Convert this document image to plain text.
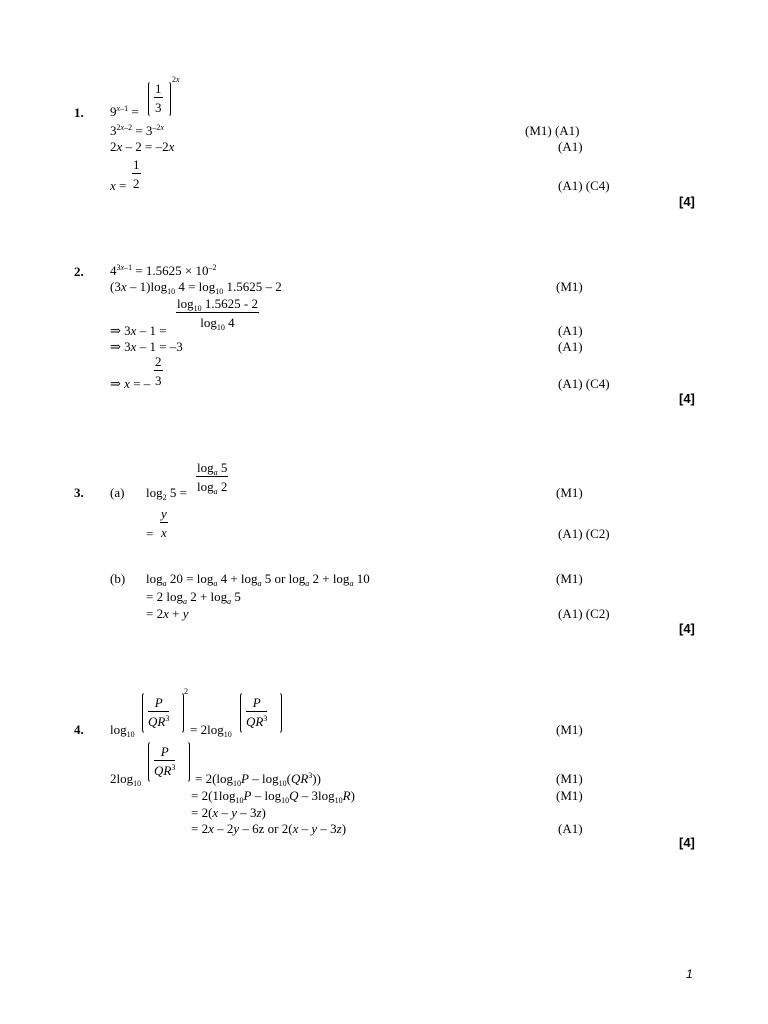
1. $9^{x-1} = \frac{1}{3}$
2x
$3^{2x-2} = 3^{-2x}$
2x – 2 = –2x
$x = \frac{1}{2}$
(M1) (A1)
(A1)
(A1) (C4)
[4]
2. $4^{3x-1} = 1.5625 \times 10^{-2}$
$(3x - 1)\log_{10}$ $4 = \log_{10} 1.5625 - 2$
⇒ 3x – 1 =
$\frac{\log_{10} 1.5625 - 2}{\log_{10} 4}$
⇒ 3x – 1 = –3
⇒ x = – $\frac{2}{3}$
(M1)
(A1)
(A1)
(A1) (C4)
[4]
3. (a) $\log_2 5 = \frac{\log_a 5}{\log_a 2}$
= $\frac{y}{x}$
(M1)
(A1) (C2)
(b) $\log_a 20 = \log_a 4 + \log_a 5$ or $\log_a 2 + \log_a 10$
= 2 $\log_a 2 + \log_a 5$
= 2x + y
(M1)
(A1) (C2)
[4]
4. $\log_{10}$
$\frac{P}{QR^3}$
2
= $2\log_{10}$
$\frac{P}{QR^3}$
$2\log_{10}$
$\frac{P}{QR^3}$
= $2(\log_{10}P - \log_{10}(QR^3))$
= $2(1\log_{10}P - \log_{10}Q - 3\log_{10}R)$
= 2(x – y – 3z)
= 2x – 2y – 6z or 2(x – y – 3z)
(M1)
(M1)
(M1)
(A1)
[4]
1
